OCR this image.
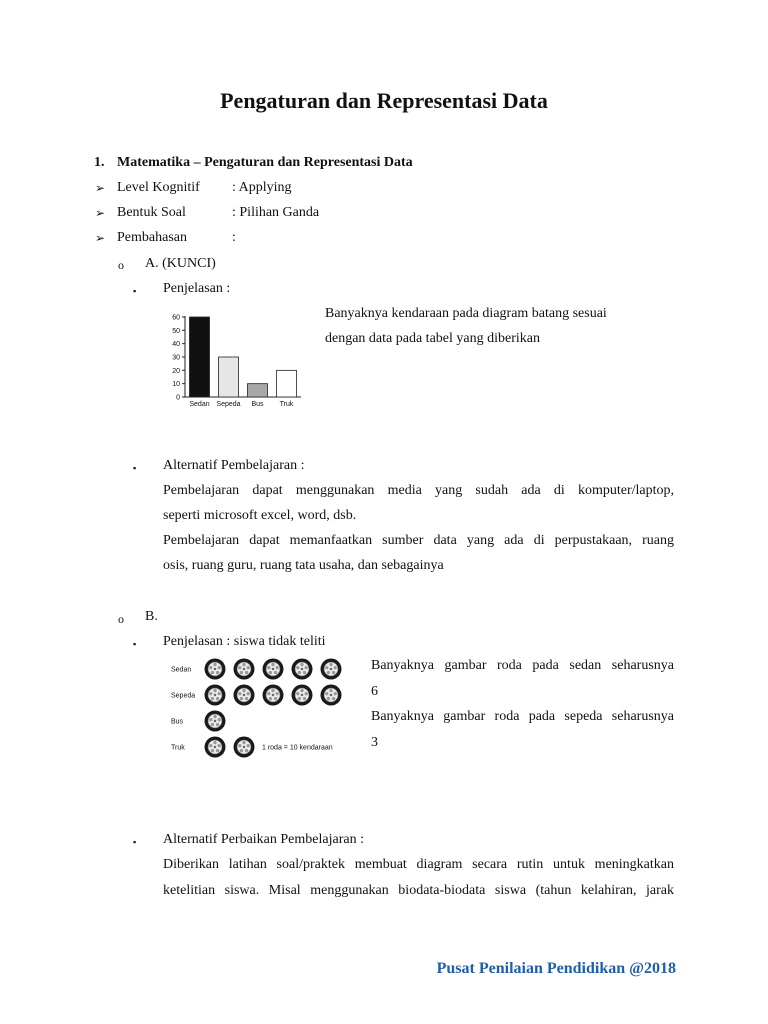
Pengaturan dan Representasi Data
1. Matematika – Pengaturan dan Representasi Data
➢ Level Kognitif : Applying
➢ Bentuk Soal	: Pilihan Ganda
➢ Pembahasan	:
o A. (KUNCI)
▪ Penjelasan :
0
10
20
30
40
50
60
Sedan Sepeda Bus Truk
Banyaknya kendaraan pada diagram batang sesuai
dengan data pada tabel yang diberikan
▪ Alternatif Pembelajaran :
Pembelajaran dapat menggunakan media yang sudah ada di komputer/laptop,
seperti microsoft excel, word, dsb.
Pembelajaran dapat memanfaatkan sumber data yang ada di perpustakaan, ruang
osis, ruang guru, ruang tata usaha, dan sebagainya
o B.
▪ Penjelasan : siswa tidak teliti
Sedan
Sepeda
Bus
Truk	1 roda = 10 kendaraan
Banyaknya gambar roda pada sedan seharusnya
6
Banyaknya gambar roda pada sepeda seharusnya
3
▪ Alternatif Perbaikan Pembelajaran :
Diberikan latihan soal/praktek membuat diagram secara rutin untuk meningkatkan
ketelitian siswa. Misal menggunakan biodata-biodata siswa (tahun kelahiran, jarak
Pusat Penilaian Pendidikan @2018
